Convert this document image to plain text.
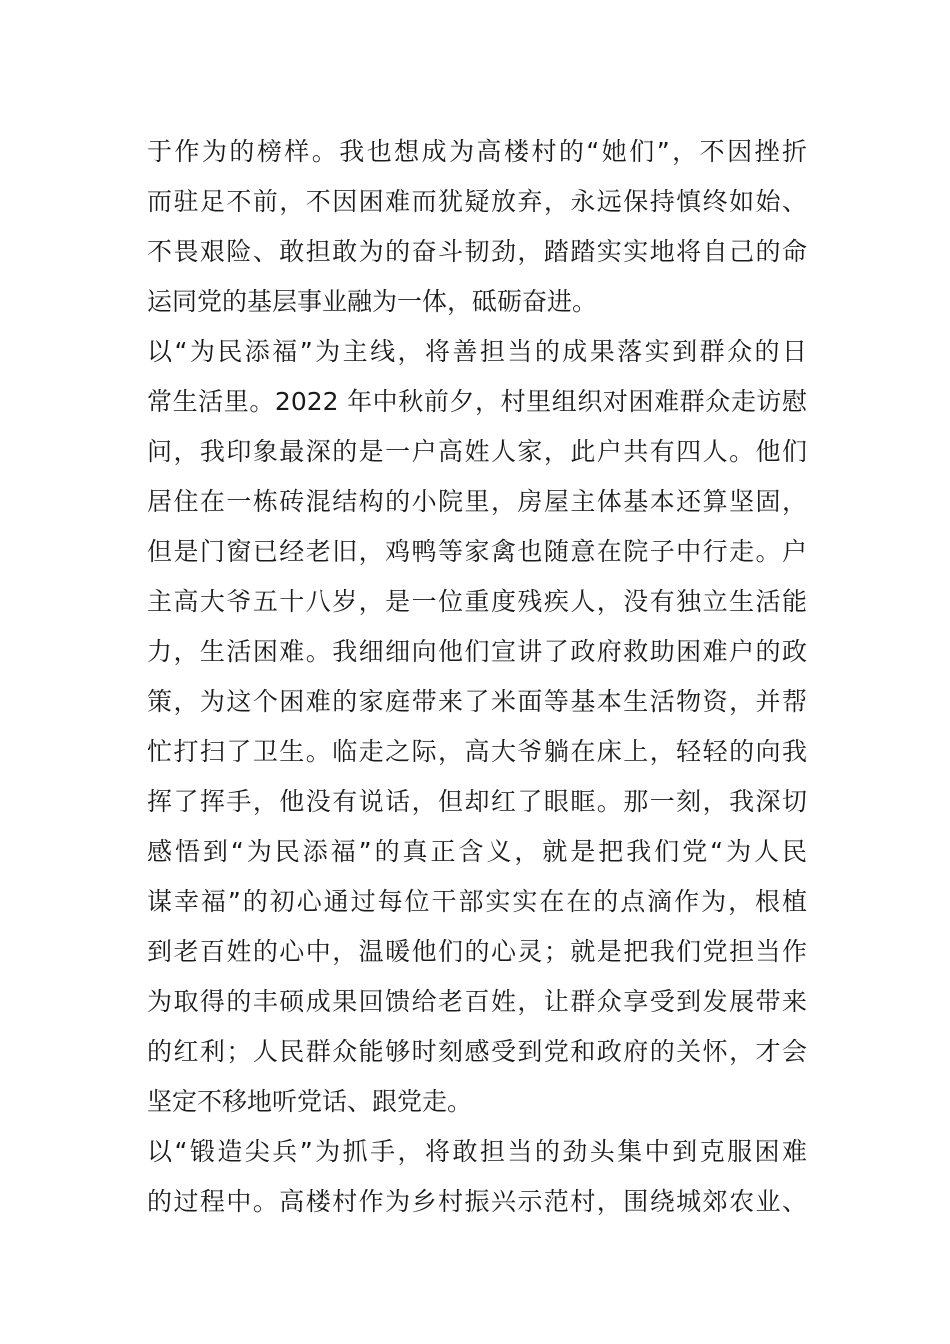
于作为的榜样。我也想成为高楼村的“她们”，不因挫折
而驻足不前，不因困难而犹疑放弃，永远保持慎终如始、
不畏艰险、敢担敢为的奋斗韧劲，踏踏实实地将自己的命
运同党的基层事业融为一体，砥砺奋进。
以“为民添福”为主线，将善担当的成果落实到群众的日
常生活里。2022 年中秋前夕，村里组织对困难群众走访慰
问，我印象最深的是一户高姓人家，此户共有四人。他们
居住在一栋砖混结构的小院里，房屋主体基本还算坚固，
但是门窗已经老旧，鸡鸭等家禽也随意在院子中行走。户
主高大爷五十八岁，是一位重度残疾人，没有独立生活能
力，生活困难。我细细向他们宣讲了政府救助困难户的政
策，为这个困难的家庭带来了米面等基本生活物资，并帮
忙打扫了卫生。临走之际，高大爷躺在床上，轻轻的向我
挥了挥手，他没有说话，但却红了眼眶。那一刻，我深切
感悟到“为民添福”的真正含义，就是把我们党“为人民
谋幸福”的初心通过每位干部实实在在的点滴作为，根植
到老百姓的心中，温暖他们的心灵；就是把我们党担当作
为取得的丰硕成果回馈给老百姓，让群众享受到发展带来
的红利；人民群众能够时刻感受到党和政府的关怀，才会
坚定不移地听党话、跟党走。
以“锻造尖兵”为抓手，将敢担当的劲头集中到克服困难
的过程中。高楼村作为乡村振兴示范村，围绕城郊农业、
